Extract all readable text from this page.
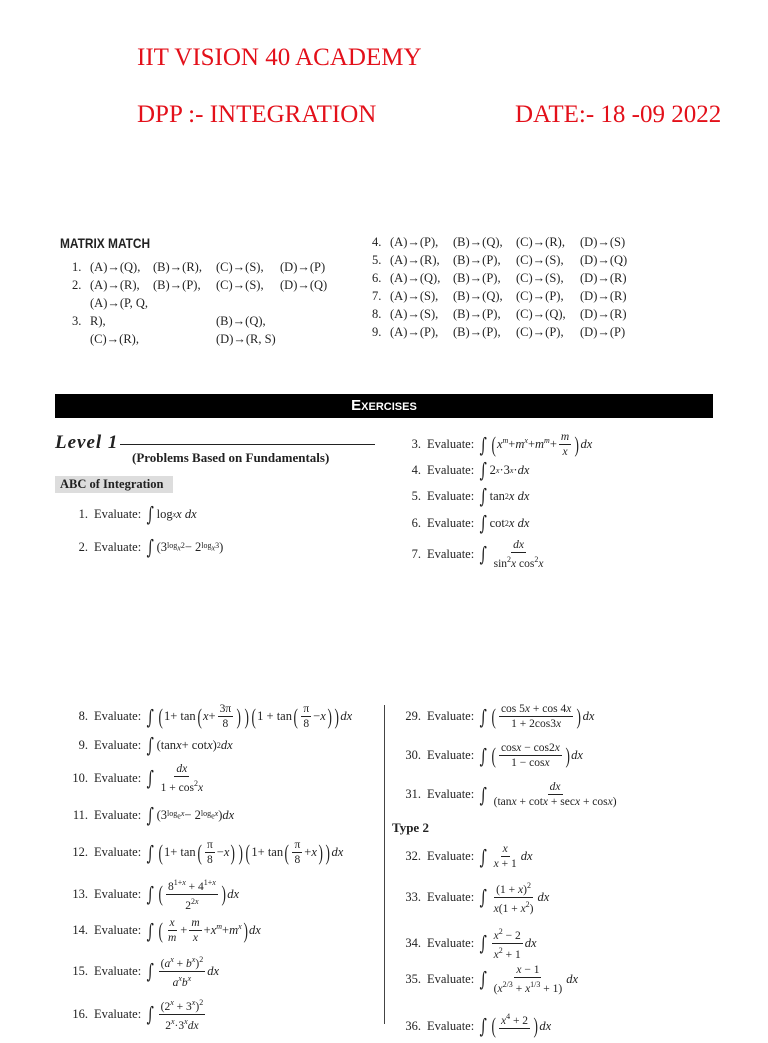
IIT VISION 40 ACADEMY
DPP :- INTEGRATION	DATE:- 18 -09 2022
MATRIX MATCH
1. (A)→(Q), (B)→(R), (C)→(S), (D)→(P)
2. (A)→(R), (B)→(P), (C)→(S), (D)→(Q)
3.(A)→(P, Q, R),	(B)→(Q),
(C)→(R),	(D)→(R, S)
4. (A)→(P), (B)→(Q), (C)→(R), (D)→(S)
5. (A)→(R), (B)→(P), (C)→(S), (D)→(Q)
6. (A)→(Q), (B)→(P), (C)→(S), (D)→(R)
7. (A)→(S), (B)→(Q), (C)→(P), (D)→(R)
8. (A)→(S), (B)→(P), (C)→(Q), (D)→(R)
9. (A)→(P), (B)→(P), (C)→(P), (D)→(P)
Exercises
Level 1
(Problems Based on Fundamentals)
ABC of Integration
1. Evaluate: ∫ log x x dx
2. Evaluate: ∫ (3 $\log_x2 - 2$ $\log_x3$ )
3. Evaluate: ∫ ( $x^m + m^x + m^m + \frac{m}{x}$ ) dx
4. Evaluate: ∫ 2 x ·3 x · dx
5. Evaluate: ∫ tan 2 x dx
6. Evaluate: ∫ cot 2 x dx
7. Evaluate: ∫ $\frac{dx}{\sin^2x \cos^2x}$
8. Evaluate: ∫ ( 1+ tan ( $x + \frac{3\pi}{8}$ ) ) ( 1 + tan ( $\frac{\pi}{8} - x$ ) ) dx
9. Evaluate: ∫ (tan x + cot x ) 2 dx
10. Evaluate: ∫ $\frac{dx}{1 + \cos^2x}$
11. Evaluate: ∫ (3 $\log_ex - 2$ $\log_ex$ ) dx
12. Evaluate: ∫ ( 1+ tan ( $\frac{\pi}{8} - x$ ) ) ( 1+ tan ( $\frac{\pi}{8} + x$ ) ) dx
13. Evaluate: ∫ ( $\frac{8^{1+x} + 4^{1+x}}{2^{2x}}$ ) dx
14. Evaluate: ∫ ( $\frac{x}{m} + \frac{m}{x} + x^m + m^x$ ) dx
15. Evaluate: ∫ $\frac{(a^x + b^x)^2}{a^xb^x}$ dx
16. Evaluate: ∫ $\frac{(2^x + 3^x)^2}{2^x\cdot 3^xdx}$
29. Evaluate: ∫ ( $\frac{\cos 5x + \cos 4x}{1 + 2\cos 3x}$ ) dx
30. Evaluate: ∫ ( $\frac{\cos x - \cos 2x}{1 - \cos x}$ ) dx
31. Evaluate: ∫ $\frac{dx}{(\tan x + \cot x + \sec x + \cos x)}$
Type 2
32. Evaluate: ∫ $\frac{x}{x + 1}$ dx
33. Evaluate: ∫ $\frac{(1 + x)^2}{x(1 + x^2)}$ dx
34. Evaluate: ∫ $\frac{x^2 - 2}{x^2 + 1}$ dx
35. Evaluate: ∫ $\frac{x - 1}{(x^{2/3} + x^{1/3} + 1)}$ dx
36. Evaluate: ∫ ( $x^4 + 2$
) dx
